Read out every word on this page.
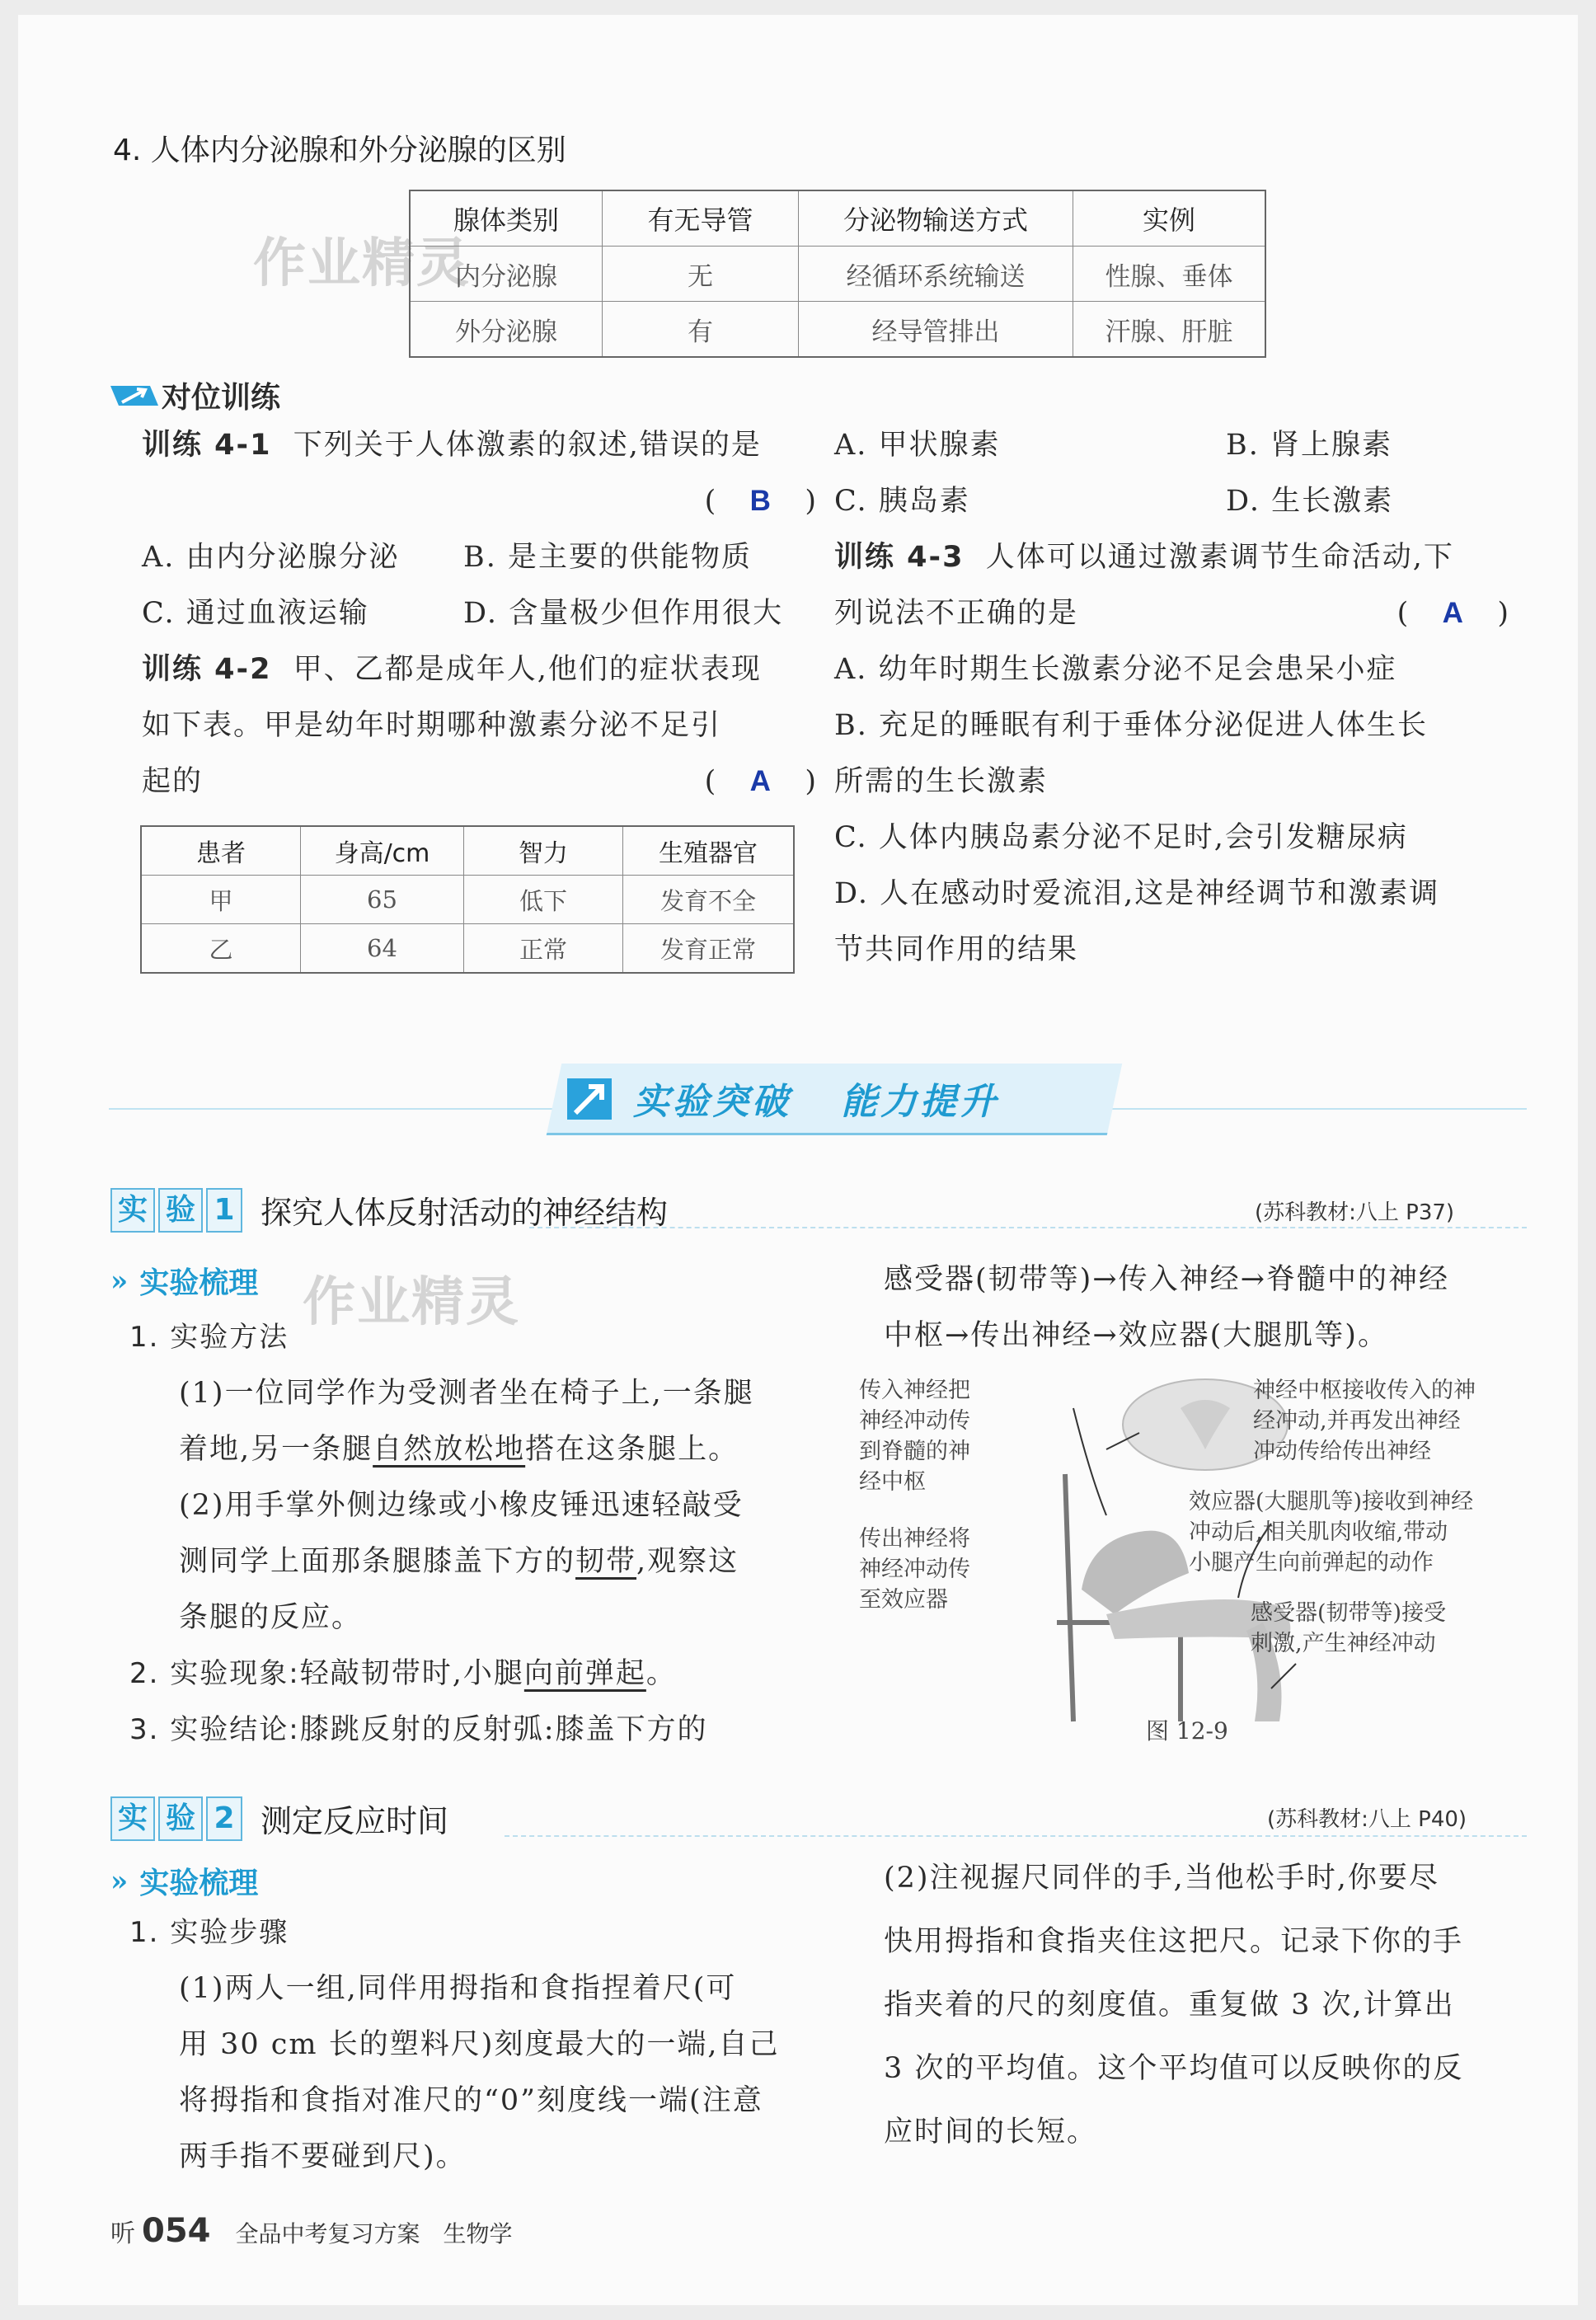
4. 人体内分泌腺和外分泌腺的区别
作业精灵
腺体类别	有无导管	分泌物输送方式	实例
内分泌腺	无	经循环系统输送	性腺、垂体
外分泌腺	有	经导管排出	汗腺、肝脏
对位训练
训练 4-1 下列关于人体激素的叙述,错误的是
( B )
A. 由内分泌腺分泌	B. 是主要的供能物质
C. 通过血液运输	D. 含量极少但作用很大
训练 4-2 甲、乙都是成年人,他们的症状表现
如下表。甲是幼年时期哪种激素分泌不足引
起的	( A )
患者	身高/cm	智力	生殖器官
甲	65	低下	发育不全
乙	64	正常	发育正常
A. 甲状腺素	B. 肾上腺素
C. 胰岛素	D. 生长激素
训练 4-3 人体可以通过激素调节生命活动,下
列说法不正确的是	( A )
A. 幼年时期生长激素分泌不足会患呆小症
B. 充足的睡眠有利于垂体分泌促进人体生长
所需的生长激素
C. 人体内胰岛素分泌不足时,会引发糖尿病
D. 人在感动时爱流泪,这是神经调节和激素调
节共同作用的结果
实验突破 能力提升
实 验 1 探究人体反射活动的神经结构	(苏科教材:八上 P37)
» 实验梳理 作业精灵
1. 实验方法
(1)一位同学作为受测者坐在椅子上,一条腿
着地,另一条腿自然放松地搭在这条腿上。
(2)用手掌外侧边缘或小橡皮锤迅速轻敲受
测同学上面那条腿膝盖下方的韧带,观察这
条腿的反应。
2. 实验现象:轻敲韧带时,小腿向前弹起。
3. 实验结论:膝跳反射的反射弧:膝盖下方的
感受器(韧带等)→传入神经→脊髓中的神经
中枢→传出神经→效应器(大腿肌等)。
传入神经把
神经冲动传
到脊髓的神
经中枢
传出神经将
神经冲动传
至效应器
神经中枢接收传入的神
经冲动,并再发出神经
冲动传给传出神经
效应器(大腿肌等)接收到神经
冲动后,相关肌肉收缩,带动
小腿产生向前弹起的动作
感受器(韧带等)接受
刺激,产生神经冲动
图 12-9
实 验 2 测定反应时间	(苏科教材:八上 P40)
» 实验梳理
1. 实验步骤
(1)两人一组,同伴用拇指和食指捏着尺(可
用 30 cm 长的塑料尺)刻度最大的一端,自己
将拇指和食指对准尺的“0”刻度线一端(注意
两手指不要碰到尺)。
(2)注视握尺同伴的手,当他松手时,你要尽
快用拇指和食指夹住这把尺。记录下你的手
指夹着的尺的刻度值。重复做 3 次,计算出
3 次的平均值。这个平均值可以反映你的反
应时间的长短。
听 054 全品中考复习方案 生物学
